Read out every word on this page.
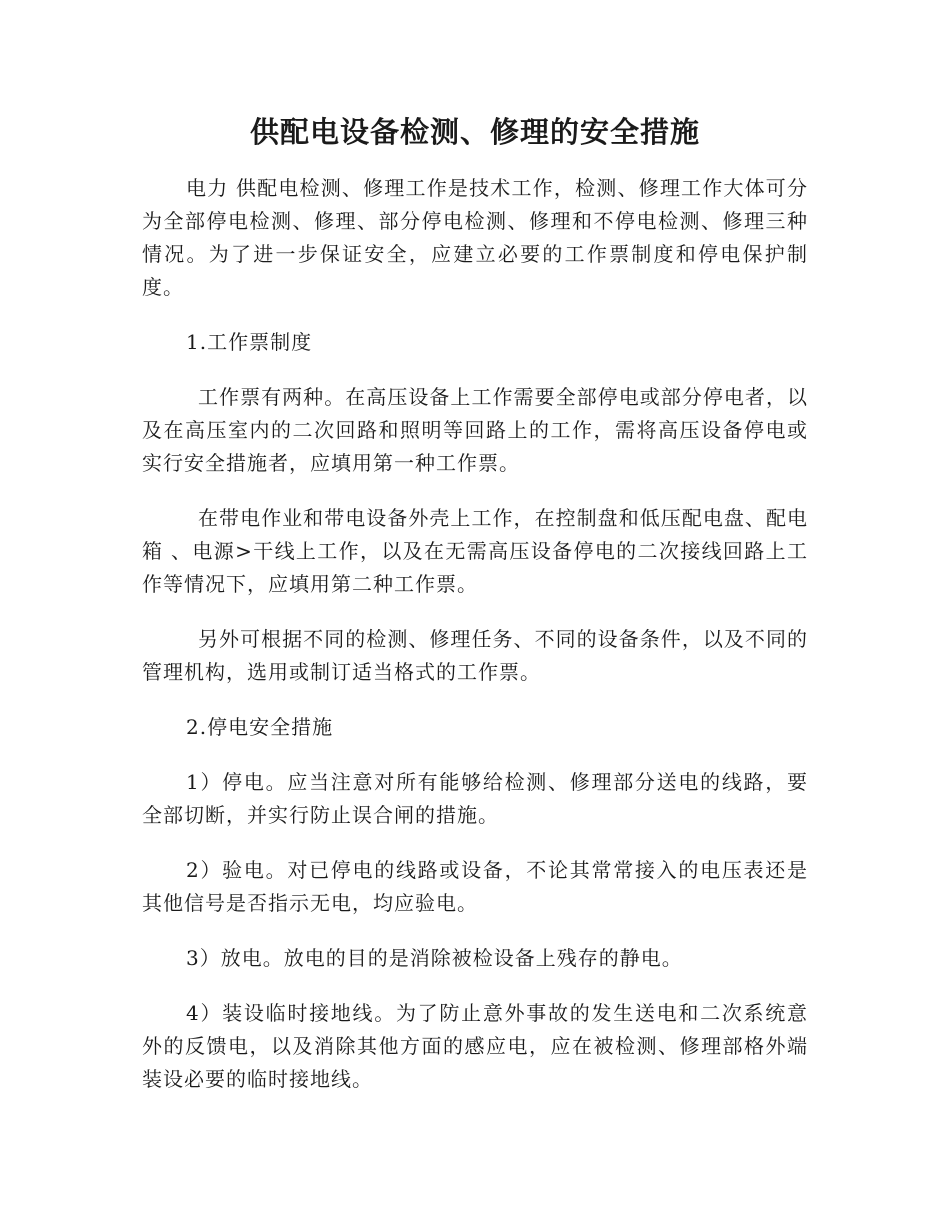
供配电设备检测、修理的安全措施

电力 供配电检测、修理工作是技术工作，检测、修理工作大体可分为全部停电检测、修理、部分停电检测、修理和不停电检测、修理三种情况。为了进一步保证安全，应建立必要的工作票制度和停电保护制度。

1.工作票制度

工作票有两种。在高压设备上工作需要全部停电或部分停电者，以及在高压室内的二次回路和照明等回路上的工作，需将高压设备停电或实行安全措施者，应填用第一种工作票。

在带电作业和带电设备外壳上工作，在控制盘和低压配电盘、配电箱 、电源>干线上工作，以及在无需高压设备停电的二次接线回路上工作等情况下，应填用第二种工作票。

另外可根据不同的检测、修理任务、不同的设备条件，以及不同的管理机构，选用或制订适当格式的工作票。

2.停电安全措施

1）停电。应当注意对所有能够给检测、修理部分送电的线路，要全部切断，并实行防止误合闸的措施。

2）验电。对已停电的线路或设备，不论其常常接入的电压表还是其他信号是否指示无电，均应验电。

3）放电。放电的目的是消除被检设备上残存的静电。

4）装设临时接地线。为了防止意外事故的发生送电和二次系统意外的反馈电，以及消除其他方面的感应电，应在被检测、修理部格外端装设必要的临时接地线。
